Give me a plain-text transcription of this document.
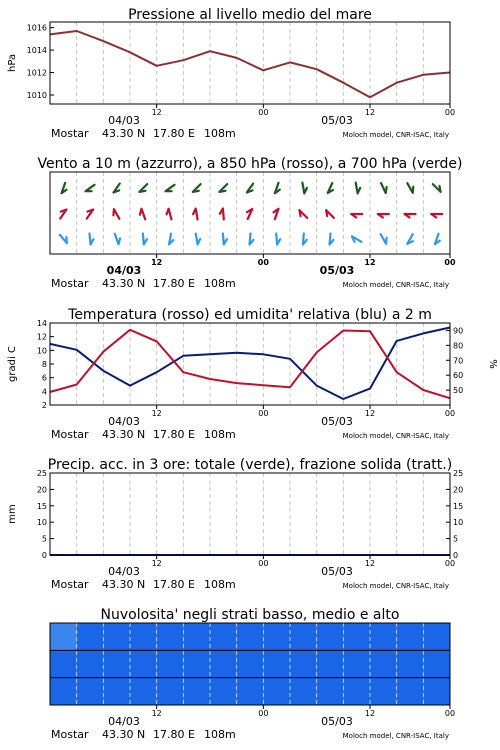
Pressione al livello medio del mare
hPa
1010
1012
1014
1016
12	00	12	00
04/03	05/03
Mostar 43.30 N 17.80 E 108m	Moloch model, CNR-ISAC, Italy
Vento a 10 m (azzurro), a 850 hPa (rosso), a 700 hPa (verde)
12	00	12	00
04/03	05/03
Mostar 43.30 N 17.80 E 108m	Moloch model, CNR-ISAC, Italy
Temperatura (rosso) ed umidita' relativa (blu) a 2 m
gradi C	%
2
4
6
8
10
12
14
50
60
70
80
90
12	00	12	00
04/03	05/03
Mostar 43.30 N 17.80 E 108m	Moloch model, CNR-ISAC, Italy
Precip. acc. in 3 ore: totale (verde), frazione solida (tratt.)
mm
0
5
10
15
20
25
0
5
10
15
20
25
12	00	12	00
04/03	05/03
Mostar 43.30 N 17.80 E 108m	Moloch model, CNR-ISAC, Italy
Nuvolosita' negli strati basso, medio e alto
12	00	12	00
04/03	05/03
Mostar 43.30 N 17.80 E 108m	Moloch model, CNR-ISAC, Italy
